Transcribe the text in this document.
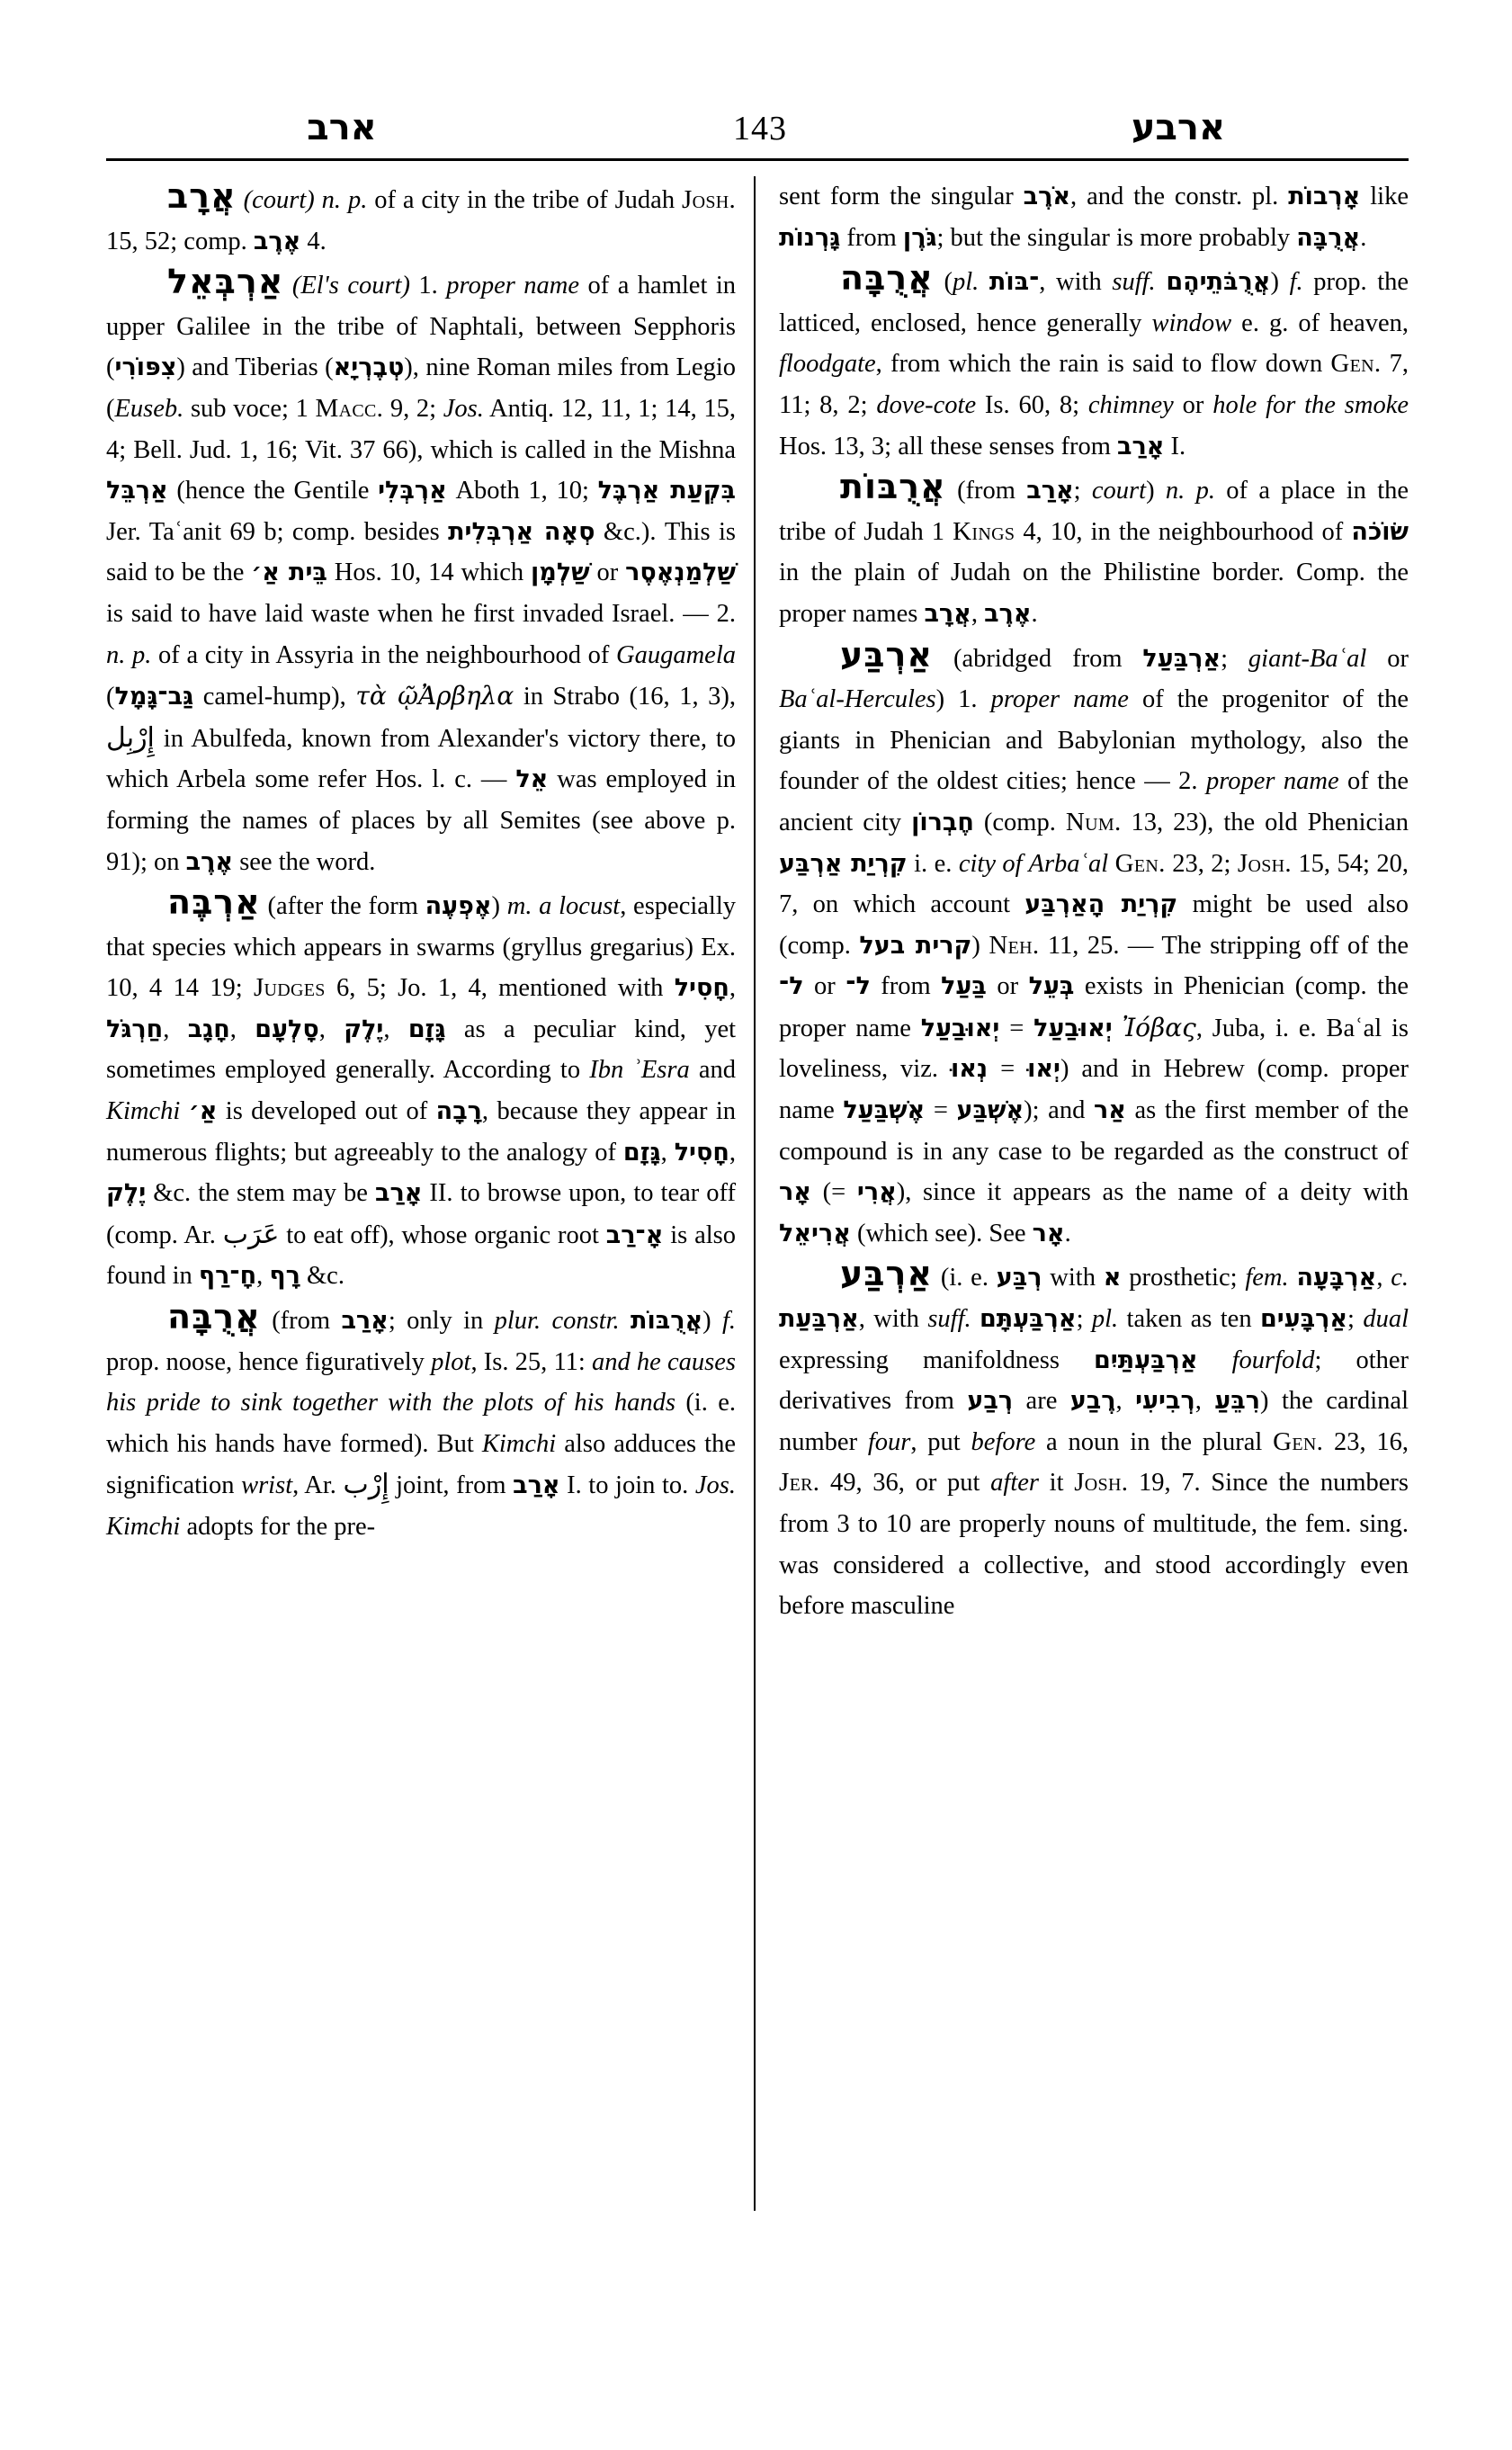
ארב	143	ארבע

אֲרָב (court) n. p. of a city in the tribe of Judah Josh. 15, 52; comp. אֶרֶב 4.

אַרְבְּאֵל (El's court) 1. proper name of a hamlet in upper Galilee in the tribe of Naphtali, between Sepphoris (צִפּוֹרִי) and Tiberias (טְבֶרְיָא), nine Roman miles from Legio (Euseb. sub voce; 1 Macc. 9, 2; Jos. Antiq. 12, 11, 1; 14, 15, 4; Bell. Jud. 1, 16; Vit. 37 66), which is called in the Mishna אַרְבֵּל (hence the Gentile אַרְבְּלִי Aboth 1, 10; בִּקְעַת אַרְבֶּל Jer. Taʿanit 69 b; comp. besides סְאָה אַרְבְּלִית &c.). This is said to be the בֵּית אַ׳ Hos. 10, 14 which שַׁלְמָן or שַׁלְמַנְאֶסֶר is said to have laid waste when he first invaded Israel. — 2. n. p. of a city in Assyria in the neighbourhood of Gaugamela (גַּב־גָּמָל camel-hump), τὰ ῷἈρβηλα in Strabo (16, 1, 3), إِرْبِل in Abulfeda, known from Alexander's victory there, to which Arbela some refer Hos. l. c. — אֵל was employed in forming the names of places by all Semites (see above p. 91); on אֶרֶב see the word.

אַרְבֶּה (after the form אֶפְעֶה) m. a locust, especially that species which appears in swarms (gryllus gregarius) Ex. 10, 4 14 19; Judges 6, 5; Jo. 1, 4, mentioned with חָסִיל, חַרְגֹּל, חָגָב, סָלְעָם, יֶלֶק, גָּזָם as a peculiar kind, yet sometimes employed generally. According to Ibn ʾEsra and Kimchi אַ׳ is developed out of רָבָה, because they appear in numerous flights; but agreeably to the analogy of גָּזָם, חָסִיל, יֶלֶק &c. the stem may be אָרַב II. to browse upon, to tear off (comp. Ar. عَرَب to eat off), whose organic root אָ־רַב is also found in חָ־רַף, רָף &c.

אֲרֻבָּה (from אָרַב; only in plur. constr. אֲרֻבּוֹת) f. prop. noose, hence figuratively plot, Is. 25, 11: and he causes his pride to sink together with the plots of his hands (i. e. which his hands have formed). But Kimchi also adduces the signification wrist, Ar. إِرْب joint, from אָרַב I. to join to. Jos. Kimchi adopts for the pre-

sent form the singular אֹרֶב, and the constr. pl. אָרְבוֹת like גָּרְנוֹת from גֹּרֶן; but the singular is more probably אֲרֻבָּה.

אֲרֻבָּה (pl. ־בּוֹת, with suff. אֲרֻבֹּתֵיהֶם) f. prop. the latticed, enclosed, hence generally window e. g. of heaven, floodgate, from which the rain is said to flow down Gen. 7, 11; 8, 2; dove-cote Is. 60, 8; chimney or hole for the smoke Hos. 13, 3; all these senses from אָרַב I.

אֲרֻבּוֹת (from אָרַב; court) n. p. of a place in the tribe of Judah 1 Kings 4, 10, in the neighbourhood of שׂוֹכֹה in the plain of Judah on the Philistine border. Comp. the proper names אֲרָב, אֶרֶב.

אַרְבַּע (abridged from אַרְבַּעַל; giant-Baʿal or Baʿal-Hercules) 1. proper name of the progenitor of the giants in Phenician and Babylonian mythology, also the founder of the oldest cities; hence — 2. proper name of the ancient city חֶבְרוֹן (comp. Num. 13, 23), the old Phenician קִרְיַת אַרְבַּע i. e. city of Arbaʿal Gen. 23, 2; Josh. 15, 54; 20, 7, on which account קִרְיַת הָאַרְבַּע might be used also (comp. קרית בעל) Neh. 11, 25. — The stripping off of the ל־ or ל־ from בַּעַל or בְּעֵל exists in Phenician (comp. the proper name יְאוּבַעַל = יְאוּבַעַל Ἰόβας, Juba, i. e. Baʿal is loveliness, viz. נְאוּ = יְאוּ) and in Hebrew (comp. proper name אֶשְׁבַּעַל = אֶשְׁבַּע); and אַר as the first member of the compound is in any case to be regarded as the construct of אָר (= אֲרִי), since it appears as the name of a deity with אֲרִיאֵל (which see). See אָר.

אַרְבַּע (i. e. רְבַּע with א prosthetic; fem. אַרְבָּעָה, c. אַרְבַּעַת, with suff. אַרְבַּעְתָּם; pl. taken as ten אַרְבָּעִים; dual expressing manifoldness אַרְבַּעְתַּיִם fourfold; other derivatives from רְבַע are רֶבַע, רְבִיעִי, רִבֵּעַ) the cardinal number four, put before a noun in the plural Gen. 23, 16, Jer. 49, 36, or put after it Josh. 19, 7. Since the numbers from 3 to 10 are properly nouns of multitude, the fem. sing. was considered a collective, and stood accordingly even before masculine
